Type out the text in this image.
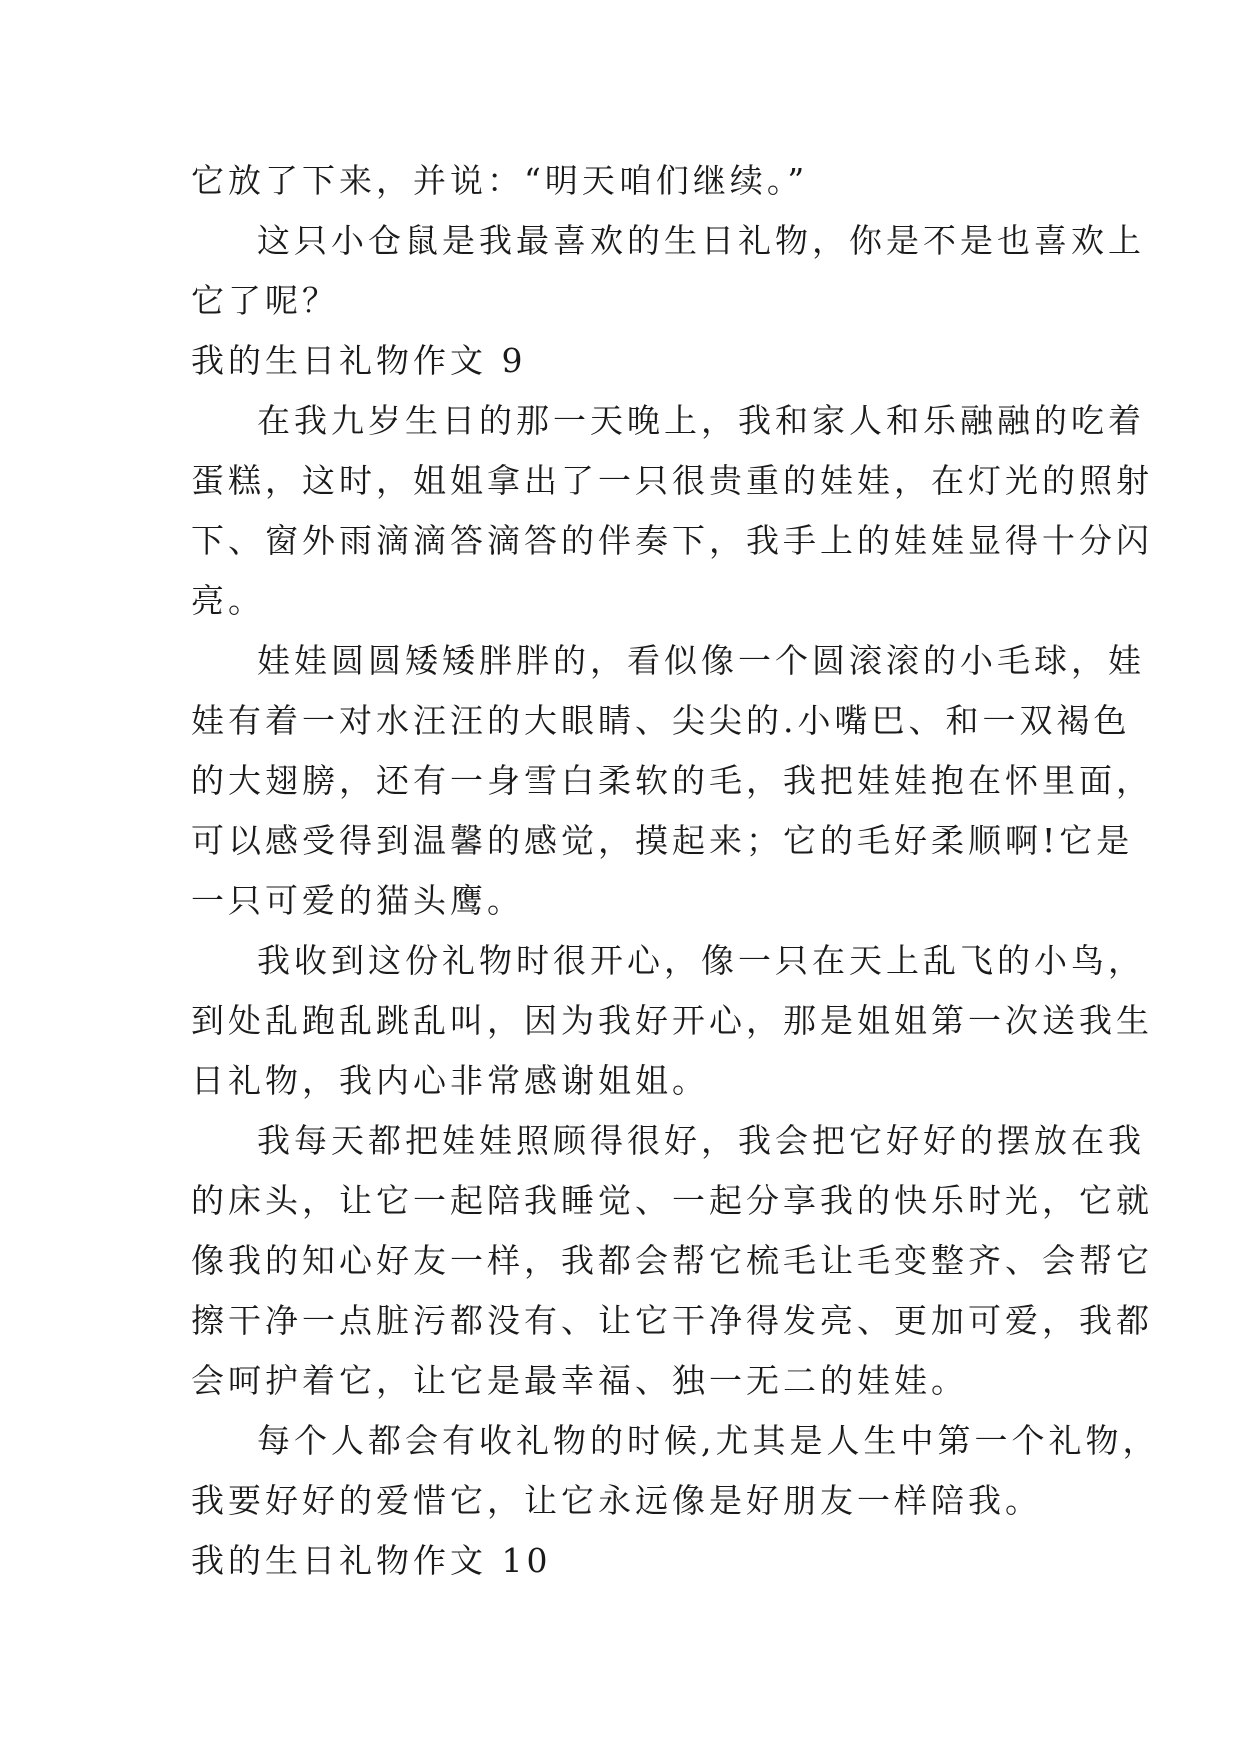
它放了下来，并说：“明天咱们继续。”
这只小仓鼠是我最喜欢的生日礼物，你是不是也喜欢上
它了呢？
我的生日礼物作文 9
在我九岁生日的那一天晚上，我和家人和乐融融的吃着
蛋糕，这时，姐姐拿出了一只很贵重的娃娃，在灯光的照射
下、窗外雨滴滴答滴答的伴奏下，我手上的娃娃显得十分闪
亮。
娃娃圆圆矮矮胖胖的，看似像一个圆滚滚的小毛球，娃
娃有着一对水汪汪的大眼睛、尖尖的.小嘴巴、和一双褐色
的大翅膀，还有一身雪白柔软的毛，我把娃娃抱在怀里面，
可以感受得到温馨的感觉，摸起来；它的毛好柔顺啊!它是
一只可爱的猫头鹰。
我收到这份礼物时很开心，像一只在天上乱飞的小鸟，
到处乱跑乱跳乱叫，因为我好开心，那是姐姐第一次送我生
日礼物，我内心非常感谢姐姐。
我每天都把娃娃照顾得很好，我会把它好好的摆放在我
的床头，让它一起陪我睡觉、一起分享我的快乐时光，它就
像我的知心好友一样，我都会帮它梳毛让毛变整齐、会帮它
擦干净一点脏污都没有、让它干净得发亮、更加可爱，我都
会呵护着它，让它是最幸福、独一无二的娃娃。
每个人都会有收礼物的时候,尤其是人生中第一个礼物，
我要好好的爱惜它，让它永远像是好朋友一样陪我。
我的生日礼物作文 10
